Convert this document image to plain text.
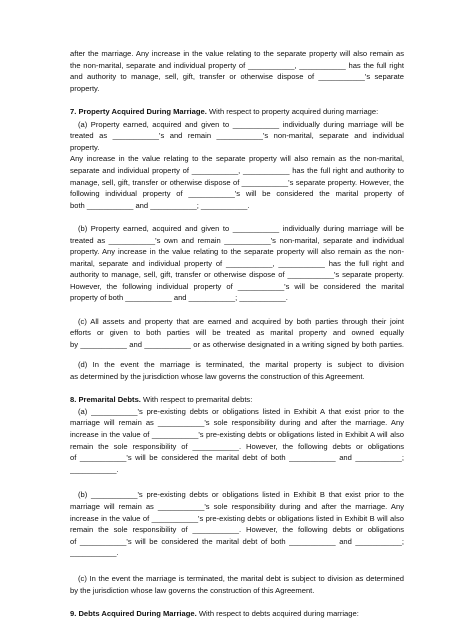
after the marriage. Any increase in the value relating to the separate property will also remain as
the non-marital, separate and individual property of ___________, ___________ has the full right
and authority to manage, sell, gift, transfer or otherwise dispose of ___________'s separate
property.
7. Property Acquired During Marriage. With respect to property acquired during marriage:
(a) Property earned, acquired and given to ___________ individually during marriage will be
treated as ___________'s and remain ___________'s non-marital, separate and individual property.
Any increase in the value relating to the separate property will also remain as the non-marital,
separate and individual property of ___________, ___________ has the full right and authority to
manage, sell, gift, transfer or otherwise dispose of ___________'s separate property. However, the
following individual property of ___________'s will be considered the marital property of
both ___________ and ___________; ___________.
(b) Property earned, acquired and given to ___________ individually during marriage will be
treated as ___________'s own and remain ___________'s non-marital, separate and individual
property. Any increase in the value relating to the separate property will also remain as the non-
marital, separate and individual property of ___________, ___________ has the full right and
authority to manage, sell, gift, transfer or otherwise dispose of ___________'s separate property.
However, the following individual property of ___________'s will be considered the marital
property of both ___________ and ___________; ___________.
(c) All assets and property that are earned and acquired by both parties through their joint
efforts or given to both parties will be treated as marital property and owned equally
by ___________ and ___________ or as otherwise designated in a writing signed by both parties.
(d) In the event the marriage is terminated, the marital property is subject to division
as determined by the jurisdiction whose law governs the construction of this Agreement.
8. Premarital Debts. With respect to premarital debts:
(a) ___________'s pre-existing debts or obligations listed in Exhibit A that exist prior to the
marriage will remain as ___________'s sole responsibility during and after the marriage. Any
increase in the value of ___________'s pre-existing debts or obligations listed in Exhibit A will also
remain the sole responsibility of ___________. However, the following debts or obligations
of ___________'s will be considered the marital debt of both ___________ and ___________;
___________.
(b) ___________'s pre-existing debts or obligations listed in Exhibit B that exist prior to the
marriage will remain as ___________'s sole responsibility during and after the marriage. Any
increase in the value of ___________'s pre-existing debts or obligations listed in Exhibit B will also
remain the sole responsibility of ___________. However, the following debts or obligations
of ___________'s will be considered the marital debt of both ___________ and ___________;
___________.
(c) In the event the marriage is terminated, the marital debt is subject to division as determined
by the jurisdiction whose law governs the construction of this Agreement.
9. Debts Acquired During Marriage. With respect to debts acquired during marriage:
